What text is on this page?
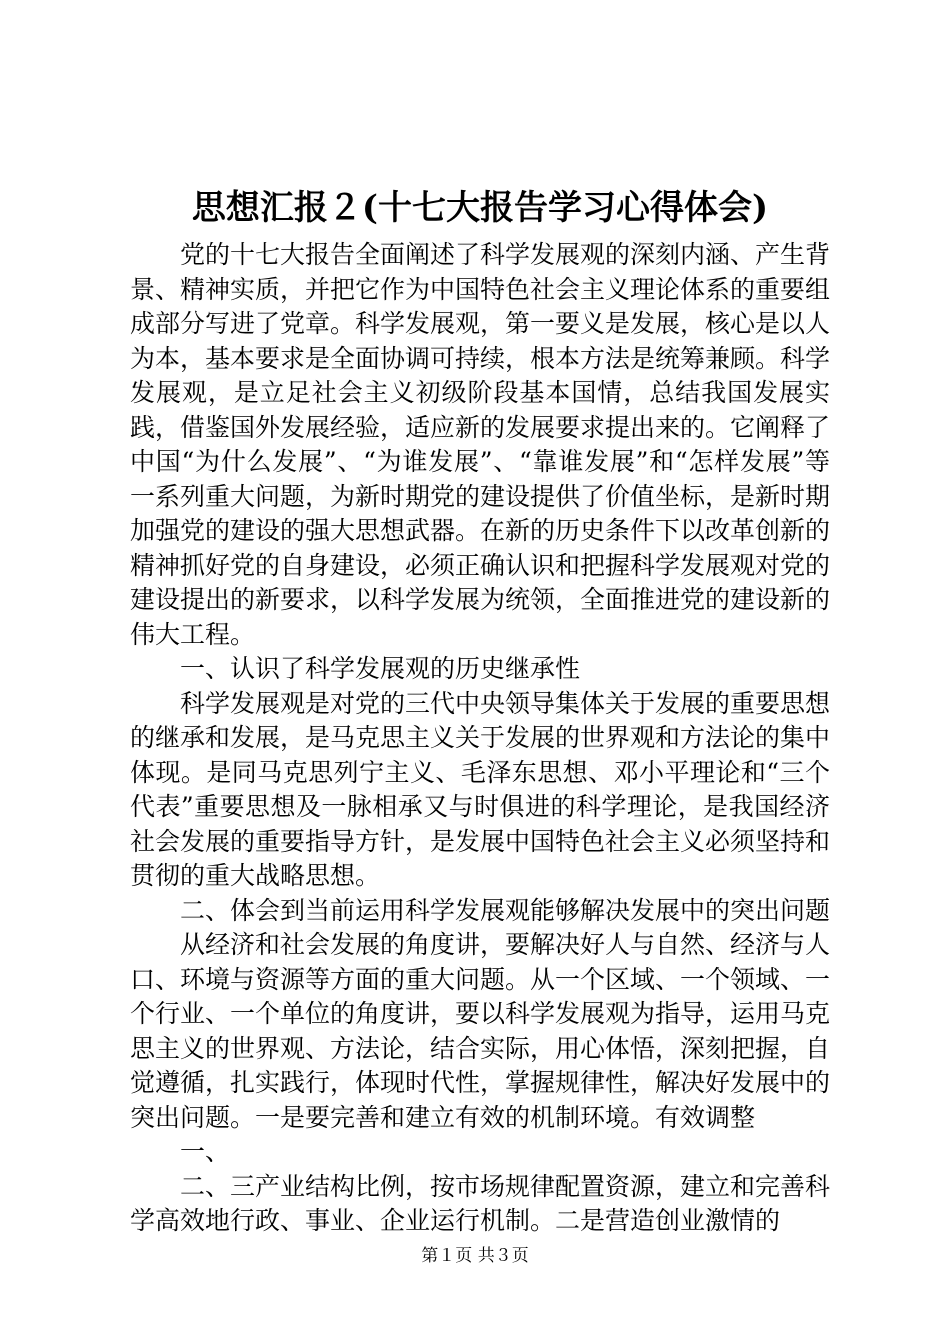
思想汇报２(十七大报告学习心得体会)

党的十七大报告全面阐述了科学发展观的深刻内涵、产生背景、精神实质，并把它作为中国特色社会主义理论体系的重要组成部分写进了党章。科学发展观，第一要义是发展，核心是以人为本，基本要求是全面协调可持续，根本方法是统筹兼顾。科学发展观，是立足社会主义初级阶段基本国情，总结我国发展实践，借鉴国外发展经验，适应新的发展要求提出来的。它阐释了中国“为什么发展”、“为谁发展”、“靠谁发展”和“怎样发展”等一系列重大问题，为新时期党的建设提供了价值坐标，是新时期加强党的建设的强大思想武器。在新的历史条件下以改革创新的精神抓好党的自身建设，必须正确认识和把握科学发展观对党的建设提出的新要求，以科学发展为统领，全面推进党的建设新的伟大工程。

一、认识了科学发展观的历史继承性

科学发展观是对党的三代中央领导集体关于发展的重要思想的继承和发展，是马克思主义关于发展的世界观和方法论的集中体现。是同马克思列宁主义、毛泽东思想、邓小平理论和“三个代表”重要思想及一脉相承又与时俱进的科学理论，是我国经济社会发展的重要指导方针，是发展中国特色社会主义必须坚持和贯彻的重大战略思想。

二、体会到当前运用科学发展观能够解决发展中的突出问题

从经济和社会发展的角度讲，要解决好人与自然、经济与人口、环境与资源等方面的重大问题。从一个区域、一个领域、一个行业、一个单位的角度讲，要以科学发展观为指导，运用马克思主义的世界观、方法论，结合实际，用心体悟，深刻把握，自觉遵循，扎实践行，体现时代性，掌握规律性，解决好发展中的突出问题。一是要完善和建立有效的机制环境。有效调整

一、

二、三产业结构比例，按市场规律配置资源，建立和完善科学高效地行政、事业、企业运行机制。二是营造创业激情的

第１页 共３页
